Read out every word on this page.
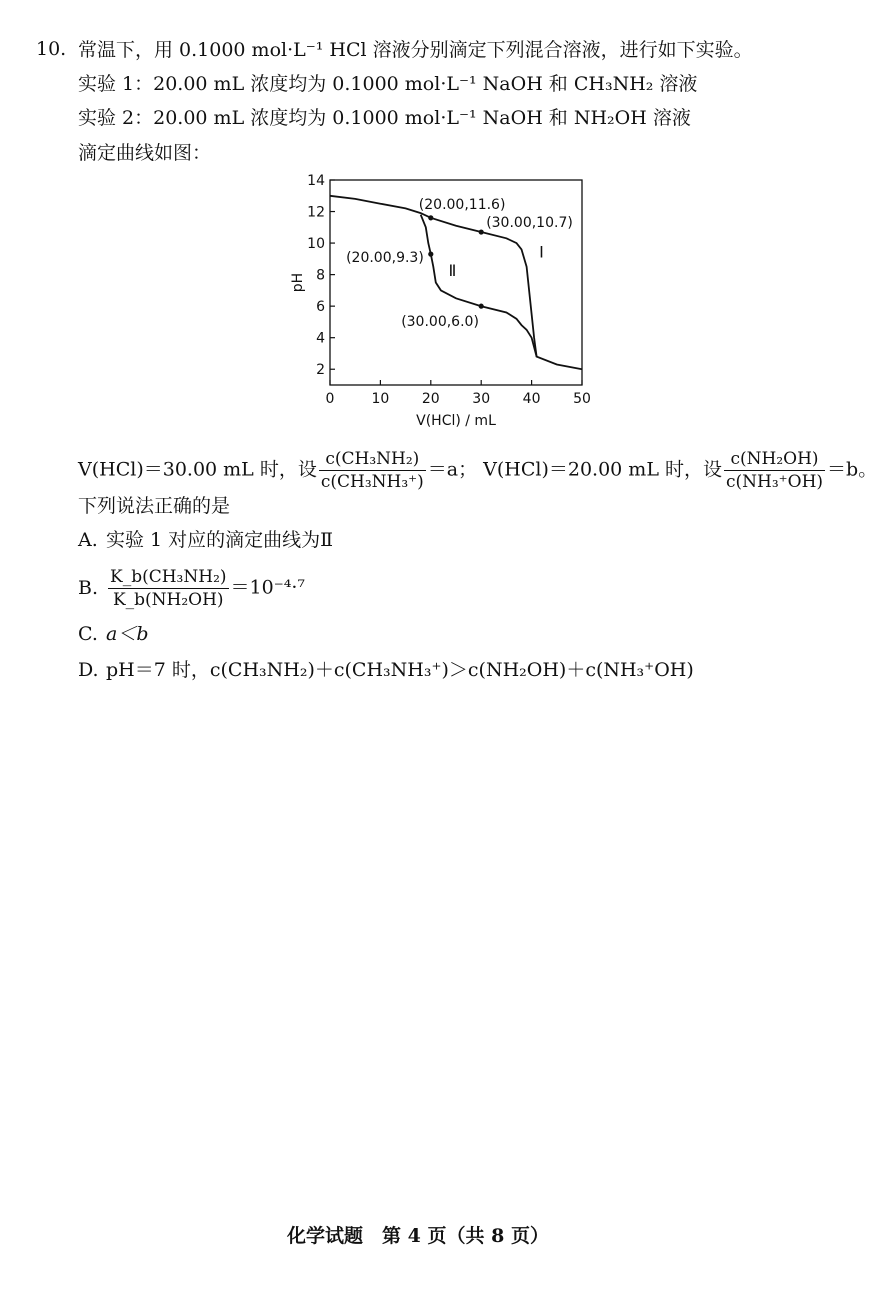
10. 常温下，用 0.1000 mol·L⁻¹ HCl 溶液分别滴定下列混合溶液，进行如下实验。
实验 1：20.00 mL 浓度均为 0.1000 mol·L⁻¹ NaOH 和 CH₃NH₂ 溶液
实验 2：20.00 mL 浓度均为 0.1000 mol·L⁻¹ NaOH 和 NH₂OH 溶液
滴定曲线如图：
0	10 20 30 40 50
2
4
6
8
10
12
14
V(HCl) / mL
pH
Ⅰ
Ⅱ
(20.00,11.6)
(30.00,10.7)
(20.00,9.3)
(30.00,6.0)
V(HCl)＝30.00 mL 时，设 $\frac{\text{c(CH₃NH₂)}}{\text{c(CH₃NH₃⁺)}} =a$； V(HCl)＝20.00 mL 时，设 $\frac{\text{c(NH₂OH)}}{\text{c(NH₃⁺OH)}} =b$。
下列说法正确的是
A. 实验 1 对应的滴定曲线为Ⅱ
B. $\frac{\text{K\_b(CH₃NH₂)}}{\text{K\_b(NH₂OH)}} =10^{-4}\cdot^7$
C. a＜b
D. pH＝7 时，c(CH₃NH₂)＋c(CH₃NH₃⁺)＞c(NH₂OH)＋c(NH₃⁺OH)
化学试题　第 4 页（共 8 页）
